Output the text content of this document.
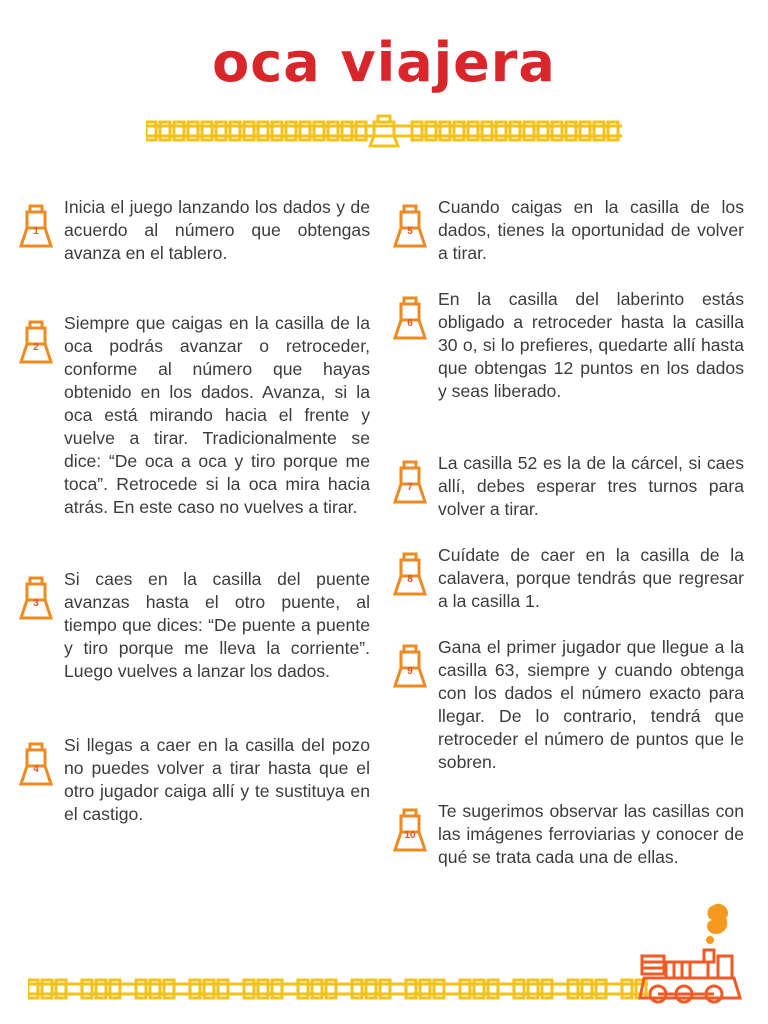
oca viajera
1

Inicia el juego lanzando los dados y de acuerdo al número que obtengas avanza en el tablero.

2

Siempre que caigas en la casilla de la oca podrás avanzar o retroceder, conforme al número que hayas obtenido en los dados. Avanza, si la oca está mirando hacia el frente y vuelve a tirar. Tradicionalmente se dice: “De oca a oca y tiro porque me toca”. Retrocede si la oca mira hacia atrás. En este caso no vuelves a tirar.

3

Si caes en la casilla del puente avanzas hasta el otro puente, al tiempo que dices: “De puente a puente y tiro porque me lleva la corriente”. Luego vuelves a lanzar los dados.

4

Si llegas a caer en la casilla del pozo no puedes volver a tirar hasta que el otro jugador caiga allí y te sustituya en el castigo.

5

Cuando caigas en la casilla de los dados, tienes la oportunidad de volver a tirar.

6

En la casilla del laberinto estás obligado a retroceder hasta la casilla 30 o, si lo prefieres, quedarte allí hasta que obtengas 12 puntos en los dados y seas liberado.

7

La casilla 52 es la de la cárcel, si caes allí, debes esperar tres turnos para volver a tirar.

8

Cuídate de caer en la casilla de la calavera, porque tendrás que regresar a la casilla 1.

9

Gana el primer jugador que llegue a la casilla 63, siempre y cuando obtenga con los dados el número exacto para llegar. De lo contrario, tendrá que retroceder el número de puntos que le sobren.

10

Te sugerimos observar las casillas con las imágenes ferroviarias y conocer de qué se trata cada una de ellas.
